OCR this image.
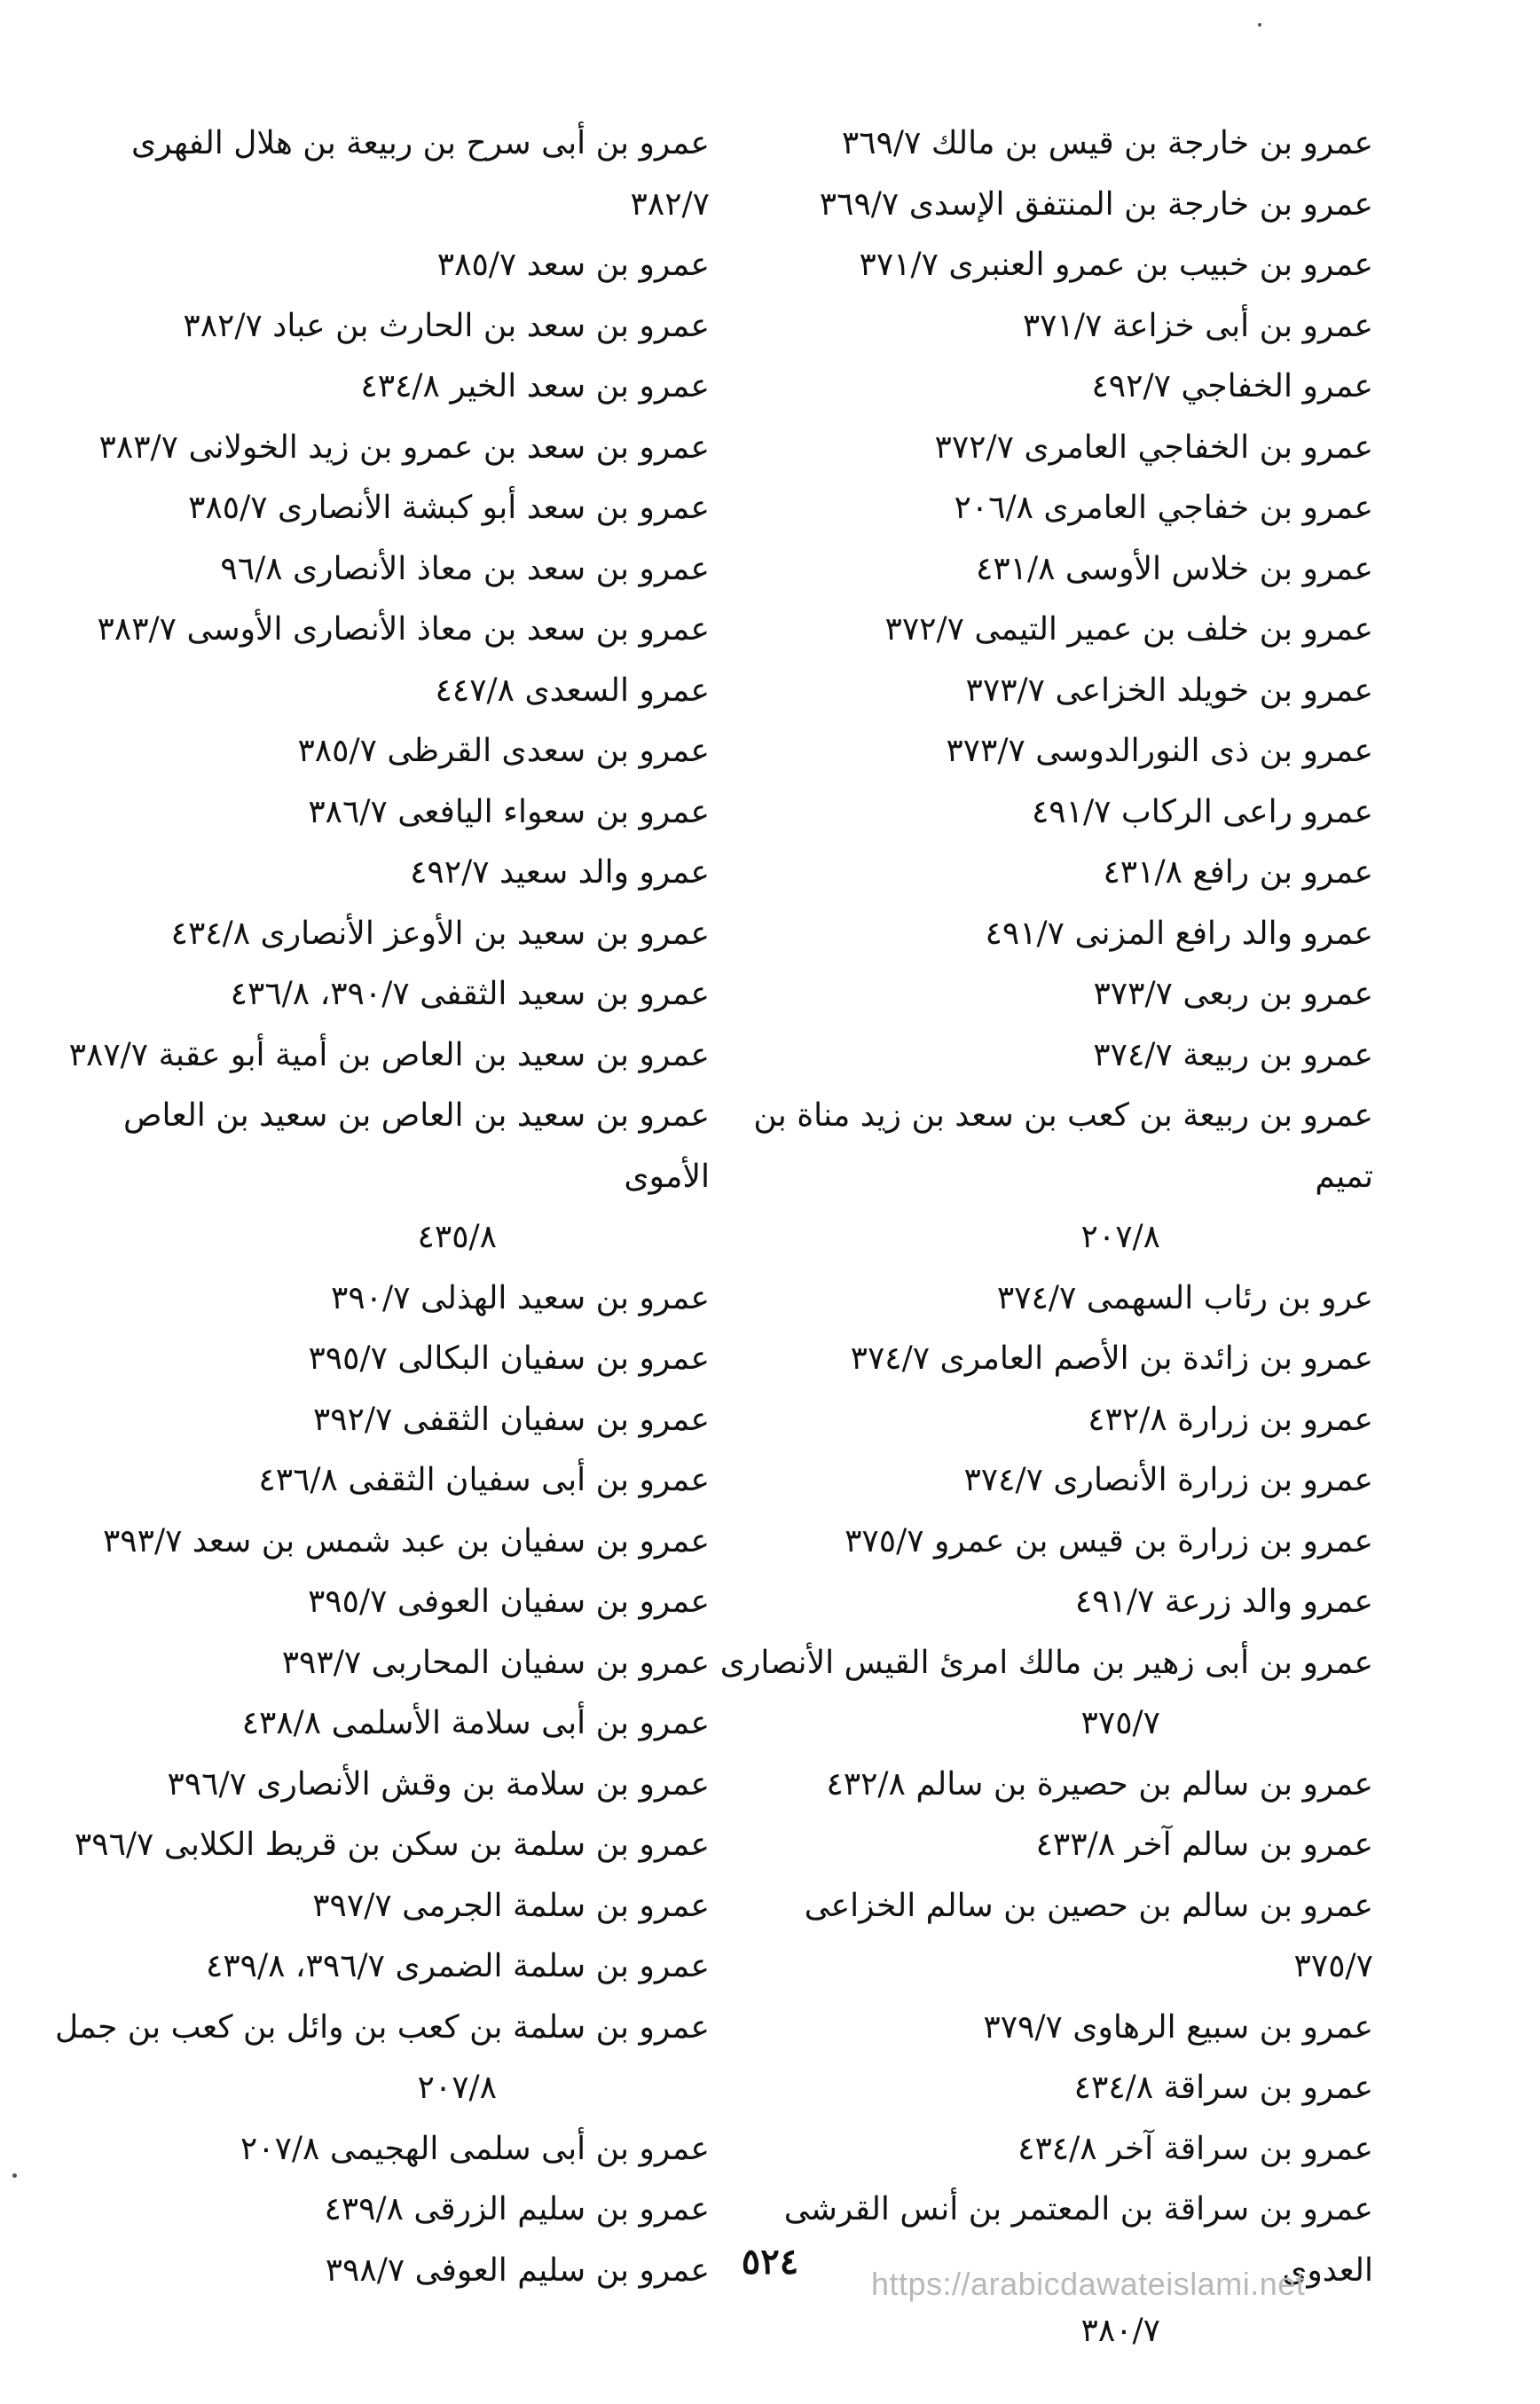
عمرو بن خارجة بن قيس بن مالك ٣٦٩/٧

عمرو بن خارجة بن المنتفق الإسدى ٣٦٩/٧

عمرو بن خبيب بن عمرو العنبرى ٣٧١/٧

عمرو بن أبى خزاعة ٣٧١/٧

عمرو الخفاجي ٤٩٢/٧

عمرو بن الخفاجي العامرى ٣٧٢/٧

عمرو بن خفاجي العامرى ٢٠٦/٨

عمرو بن خلاس الأوسى ٤٣١/٨

عمرو بن خلف بن عمير التيمى ٣٧٢/٧

عمرو بن خويلد الخزاعى ٣٧٣/٧

عمرو بن ذى النورالدوسى ٣٧٣/٧

عمرو راعى الركاب ٤٩١/٧

عمرو بن رافع ٤٣١/٨

عمرو والد رافع المزنى ٤٩١/٧

عمرو بن ربعى ٣٧٣/٧

عمرو بن ربيعة ٣٧٤/٧

عمرو بن ربيعة بن كعب بن سعد بن زيد مناة بن تميم
٢٠٧/٨

عرو بن رئاب السهمى ٣٧٤/٧

عمرو بن زائدة بن الأصم العامرى ٣٧٤/٧

عمرو بن زرارة ٤٣٢/٨

عمرو بن زرارة الأنصارى ٣٧٤/٧

عمرو بن زرارة بن قيس بن عمرو ٣٧٥/٧

عمرو والد زرعة ٤٩١/٧

عمرو بن أبى زهير بن مالك امرئ القيس الأنصارى
٣٧٥/٧

عمرو بن سالم بن حصيرة بن سالم ٤٣٢/٨

عمرو بن سالم آخر ٤٣٣/٨

عمرو بن سالم بن حصين بن سالم الخزاعى ٣٧٥/٧

عمرو بن سبيع الرهاوى ٣٧٩/٧

عمرو بن سراقة ٤٣٤/٨

عمرو بن سراقة آخر ٤٣٤/٨

عمرو بن سراقة بن المعتمر بن أنس القرشى العدوى
٣٨٠/٧

عمرو بن أبى سرح بن ربيعة بن هلال الفهرى ٣٨٢/٧

عمرو بن سعد ٣٨٥/٧

عمرو بن سعد بن الحارث بن عباد ٣٨٢/٧

عمرو بن سعد الخير ٤٣٤/٨

عمرو بن سعد بن عمرو بن زيد الخولانى ٣٨٣/٧

عمرو بن سعد أبو كبشة الأنصارى ٣٨٥/٧

عمرو بن سعد بن معاذ الأنصارى ٩٦/٨

عمرو بن سعد بن معاذ الأنصارى الأوسى ٣٨٣/٧

عمرو السعدى ٤٤٧/٨

عمرو بن سعدى القرظى ٣٨٥/٧

عمرو بن سعواء اليافعى ٣٨٦/٧

عمرو والد سعيد ٤٩٢/٧

عمرو بن سعيد بن الأوعز الأنصارى ٤٣٤/٨

عمرو بن سعيد الثقفى ٣٩٠/٧، ٤٣٦/٨

عمرو بن سعيد بن العاص بن أمية أبو عقبة ٣٨٧/٧

عمرو بن سعيد بن العاص بن سعيد بن العاص الأموى
٤٣٥/٨

عمرو بن سعيد الهذلى ٣٩٠/٧

عمرو بن سفيان البكالى ٣٩٥/٧

عمرو بن سفيان الثقفى ٣٩٢/٧

عمرو بن أبى سفيان الثقفى ٤٣٦/٨

عمرو بن سفيان بن عبد شمس بن سعد ٣٩٣/٧

عمرو بن سفيان العوفى ٣٩٥/٧

عمرو بن سفيان المحاربى ٣٩٣/٧

عمرو بن أبى سلامة الأسلمى ٤٣٨/٨

عمرو بن سلامة بن وقش الأنصارى ٣٩٦/٧

عمرو بن سلمة بن سكن بن قريط الكلابى ٣٩٦/٧

عمرو بن سلمة الجرمى ٣٩٧/٧

عمرو بن سلمة الضمرى ٣٩٦/٧، ٤٣٩/٨

عمرو بن سلمة بن كعب بن وائل بن كعب بن جمل
٢٠٧/٨

عمرو بن أبى سلمى الهجيمى ٢٠٧/٨

عمرو بن سليم الزرقى ٤٣٩/٨

عمرو بن سليم العوفى ٣٩٨/٧ ٥٢٤
https://arabicdawateislami.net
